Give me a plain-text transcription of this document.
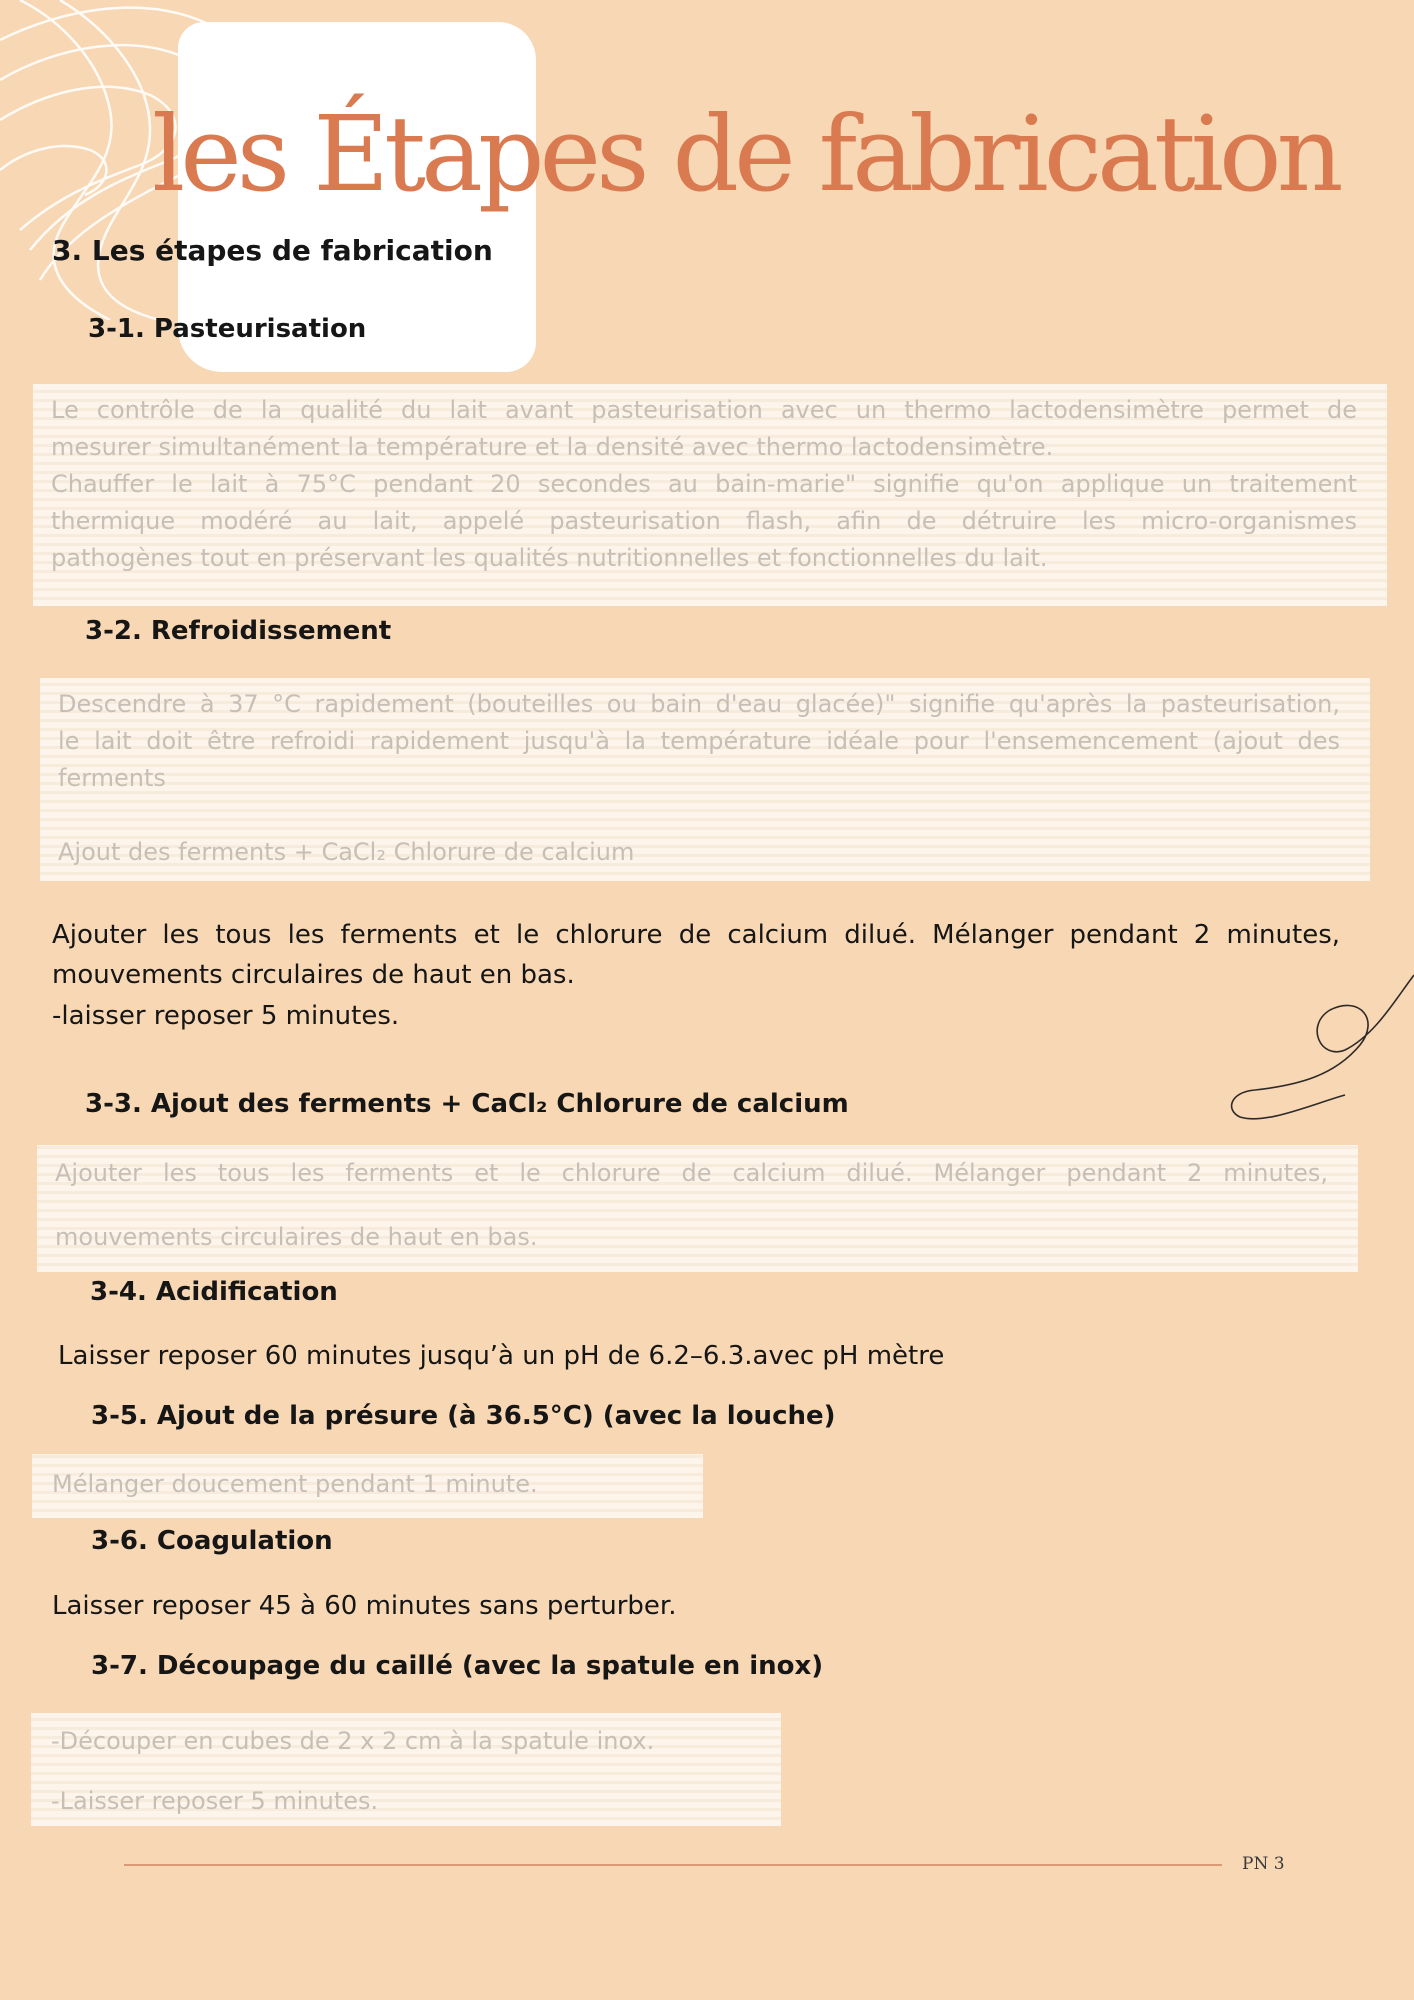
les Étapes de fabrication
3. Les étapes de fabrication
3-1. Pasteurisation
Le contrôle de la qualité du lait avant pasteurisation avec un thermo lactodensimètre permet de
mesurer simultanément la température et la densité avec thermo lactodensimètre.
Chauffer le lait à 75°C pendant 20 secondes au bain-marie" signifie qu'on applique un traitement
thermique modéré au lait, appelé pasteurisation flash, afin de détruire les micro-organismes
pathogènes tout en préservant les qualités nutritionnelles et fonctionnelles du lait.
3-2. Refroidissement
Descendre à 37 °C rapidement (bouteilles ou bain d'eau glacée)" signifie qu'après la pasteurisation,
le lait doit être refroidi rapidement jusqu'à la température idéale pour l'ensemencement (ajout des
ferments
Ajout des ferments + CaCl₂ Chlorure de calcium

Ajouter les tous les ferments et le chlorure de calcium dilué. Mélanger pendant 2 minutes,
mouvements circulaires de haut en bas.
-laisser reposer 5 minutes.

3-3. Ajout des ferments + CaCl₂ Chlorure de calcium
Ajouter les tous les ferments et le chlorure de calcium dilué. Mélanger pendant 2 minutes,
mouvements circulaires de haut en bas.
3-4. Acidification

Laisser reposer 60 minutes jusqu’à un pH de 6.2–6.3.avec pH mètre

3-5. Ajout de la présure (à 36.5°C) (avec la louche)
Mélanger doucement pendant 1 minute.
3-6. Coagulation

Laisser reposer 45 à 60 minutes sans perturber.

3-7. Découpage du caillé (avec la spatule en inox)
-Découper en cubes de 2 x 2 cm à la spatule inox.
-Laisser reposer 5 minutes.
PN 3
